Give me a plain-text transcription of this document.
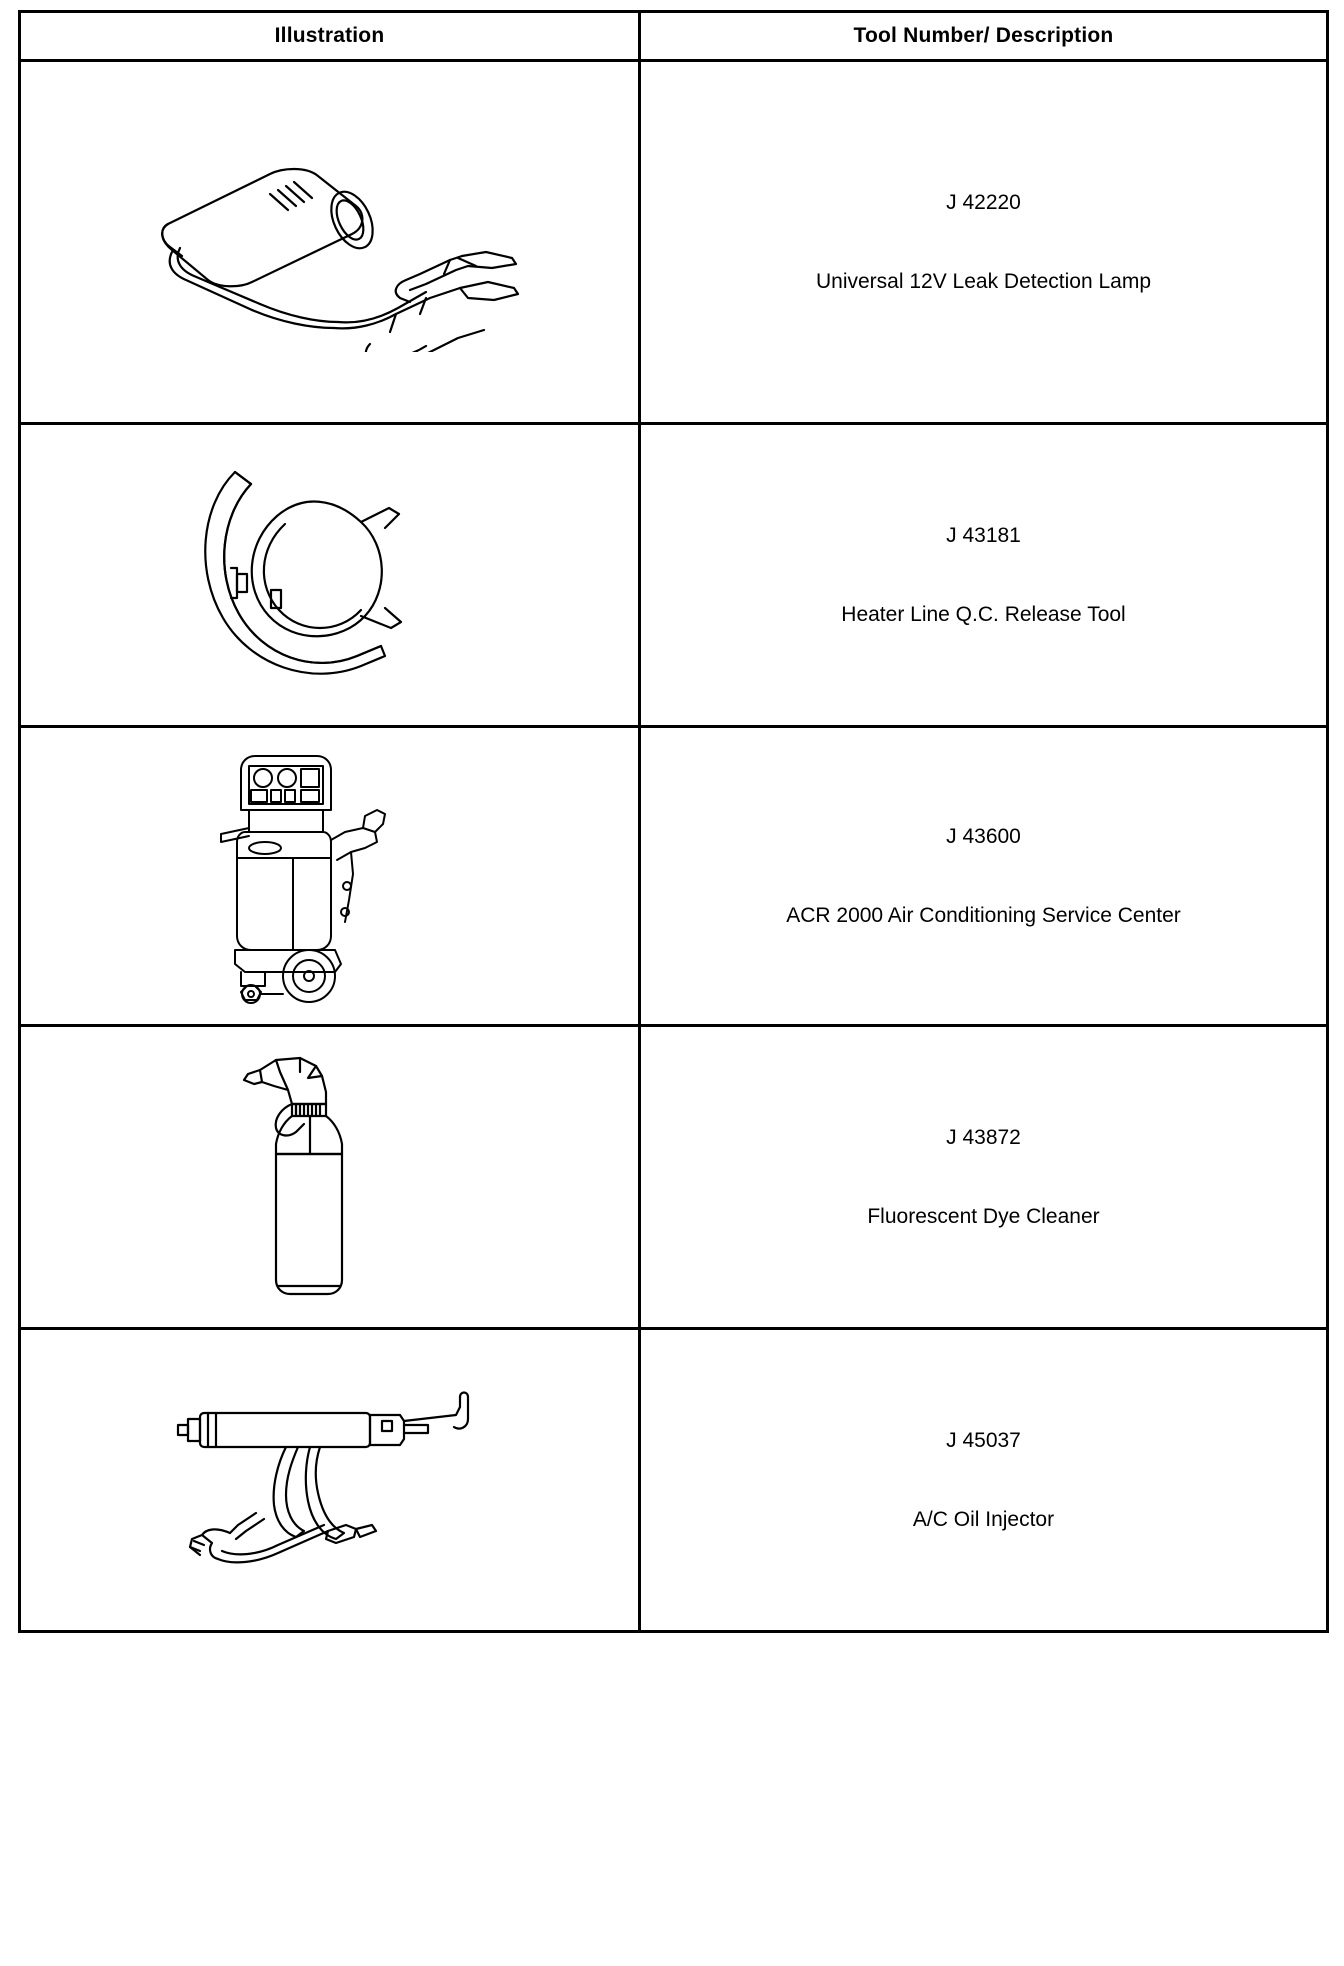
Illustration	Tool Number/ Description

J 42220
Universal 12V Leak Detection Lamp

J 43181
Heater Line Q.C. Release Tool

J 43600
ACR 2000 Air Conditioning Service Center

J 43872
Fluorescent Dye Cleaner

J 45037
A/C Oil Injector
